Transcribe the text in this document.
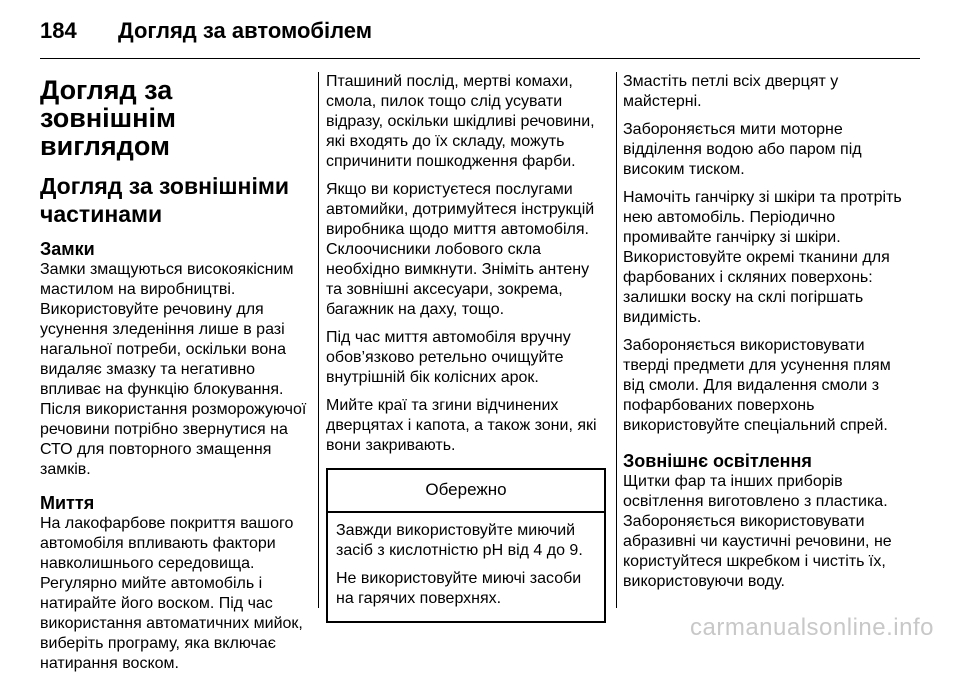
184 Догляд за автомобілем
Догляд за зовнішнім виглядом
Догляд за зовнішніми частинами
Замки

Замки змащуються високоякісним мастилом на виробництві. Використовуйте речовину для усунення зледеніння лише в разі нагальної потреби, оскільки вона видаляє змазку та негативно впливає на функцію блокування. Після використання розморожуючої речовини потрібно звернутися на СТО для повторного змащення замків.

Миття

На лакофарбове покриття вашого автомобіля впливають фактори навколишнього середовища. Регулярно мийте автомобіль і натирайте його воском. Під час використання автоматичних мийок, виберіть програму, яка включає натирання воском.

Пташиний послід, мертві комахи, смола, пилок тощо слід усувати відразу, оскільки шкідливі речовини, які входять до їх складу, можуть спричинити пошкодження фарби.

Якщо ви користуєтеся послугами автомийки, дотримуйтеся інструкцій виробника щодо миття автомобіля. Склоочисники лобового скла необхідно вимкнути. Зніміть антену та зовнішні аксесуари, зокрема, багажник на даху, тощо.

Під час миття автомобіля вручну обов’язково ретельно очищуйте внутрішній бік колісних арок.

Мийте краї та згини відчинених дверцятах і капота, а також зони, які вони закривають.

Обережно

Завжди використовуйте миючий засіб з кислотністю pH від 4 до 9.

Не використовуйте миючі засоби на гарячих поверхнях.

Змастіть петлі всіх дверцят у майстерні.

Забороняється мити моторне відділення водою або паром під високим тиском.

Намочіть ганчірку зі шкіри та протріть нею автомобіль. Періодично промивайте ганчірку зі шкіри. Використовуйте окремі тканини для фарбованих і скляних поверхонь: залишки воску на склі погіршать видимість.

Забороняється використовувати тверді предмети для усунення плям від смоли. Для видалення смоли з пофарбованих поверхонь використовуйте спеціальний спрей.

Зовнішнє освітлення

Щитки фар та інших приборів освітлення виготовлено з пластика. Забороняється використовувати абразивні чи каустичні речовини, не користуйтеся шкребком і чистіть їх, використовуючи воду.

carmanualsonline.info
